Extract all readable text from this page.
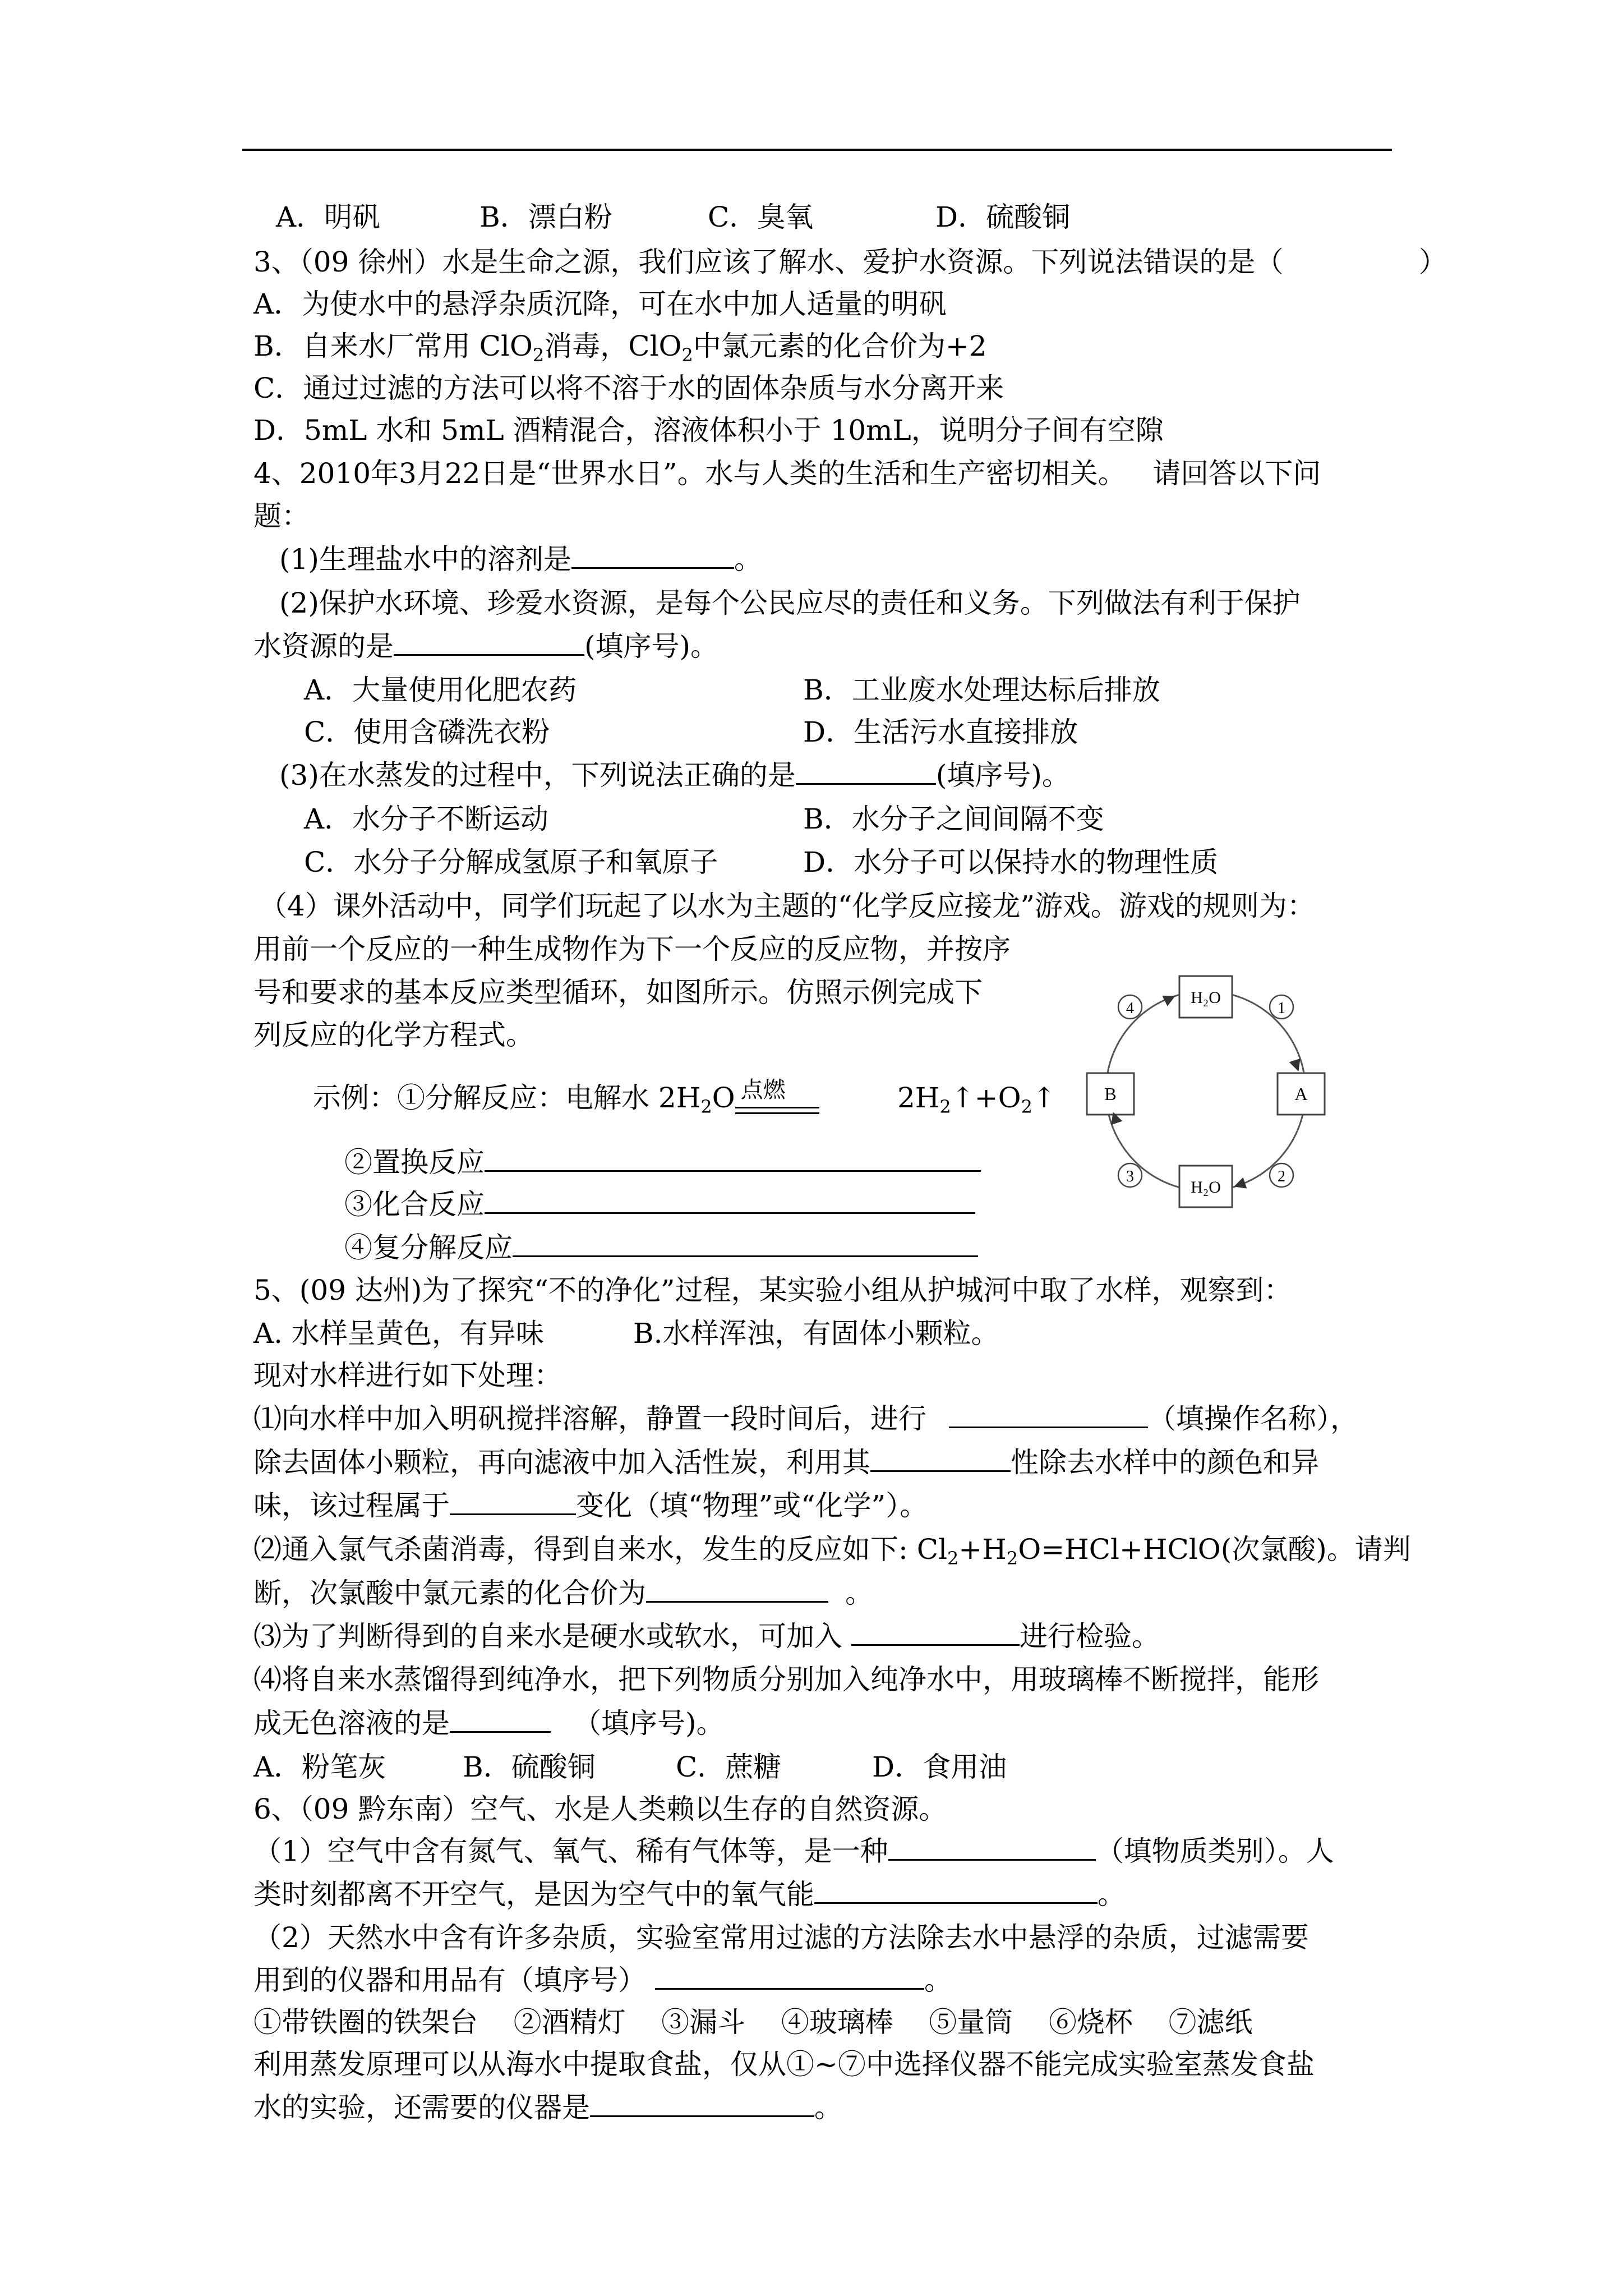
A．明矾	B．漂白粉	C．臭氧	D．硫酸铜
3、（09 徐州）水是生命之源，我们应该了解水、爱护水资源。下列说法错误的是（	）
A．为使水中的悬浮杂质沉降，可在水中加人适量的明矾
B．自来水厂常用 ClO$_2$消毒，ClO$_2$中氯元素的化合价为+2
C．通过过滤的方法可以将不溶于水的固体杂质与水分离开来
D．5mL 水和 5mL 酒精混合，溶液体积小于 10mL，说明分子间有空隙
4、2010年3月22日是“世界水日”。水与人类的生活和生产密切相关。   请回答以下问
题：
(1)生理盐水中的溶剂是	。
(2)保护水环境、珍爱水资源，是每个公民应尽的责任和义务。下列做法有利于保护
水资源的是	(填序号)。
A．大量使用化肥农药	B．工业废水处理达标后排放
C．使用含磷洗衣粉	D．生活污水直接排放
(3)在水蒸发的过程中，下列说法正确的是	(填序号)。
A．水分子不断运动	B．水分子之间间隔不变
C．水分子分解成氢原子和氧原子	D．水分子可以保持水的物理性质
（4）课外活动中，同学们玩起了以水为主题的“化学反应接龙”游戏。游戏的规则为：
用前一个反应的一种生成物作为下一个反应的反应物，并按序
号和要求的基本反应类型循环，如图所示。仿照示例完成下
列反应的化学方程式。
示例：①分解反应：电解水 $2H_2O$ 点燃	$2H_2↑+O_2↑$
②置换反应
③化合反应
④复分解反应
H₂O
H₂O
B	A
1
2
3
4
5、(09 达州)为了探究“不的净化”过程，某实验小组从护城河中取了水样，观察到：
A. 水样呈黄色，有异味          B.水样浑浊，有固体小颗粒。
现对水样进行如下处理：
⑴向水样中加入明矾搅拌溶解，静置一段时间后，进行	（填操作名称），
除去固体小颗粒，再向滤液中加入活性炭，利用其	性除去水样中的颜色和异
味，该过程属于	变化（填“物理”或“化学”）。
⑵通入氯气杀菌消毒，得到自来水，发生的反应如下: $Cl_2+H_2O=HCl+HClO$(次氯酸)。请判
断，次氯酸中氯元素的化合价为	。
⑶为了判断得到的自来水是硬水或软水，可加入	进行检验。
⑷将自来水蒸馏得到纯净水，把下列物质分别加入纯净水中，用玻璃棒不断搅拌，能形
成无色溶液的是	（填序号)。
A．粉笔灰	B．硫酸铜	C．蔗糖	D．食用油
6、（09 黔东南）空气、水是人类赖以生存的自然资源。
（1）空气中含有氮气、氧气、稀有气体等，是一种	（填物质类别）。人
类时刻都离不开空气，是因为空气中的氧气能	。
（2）天然水中含有许多杂质，实验室常用过滤的方法除去水中悬浮的杂质，过滤需要
用到的仪器和用品有（填序号）	。
①带铁圈的铁架台    ②酒精灯    ③漏斗    ④玻璃棒    ⑤量筒    ⑥烧杯    ⑦滤纸
利用蒸发原理可以从海水中提取食盐，仅从①~⑦中选择仪器不能完成实验室蒸发食盐
水的实验，还需要的仪器是	。
